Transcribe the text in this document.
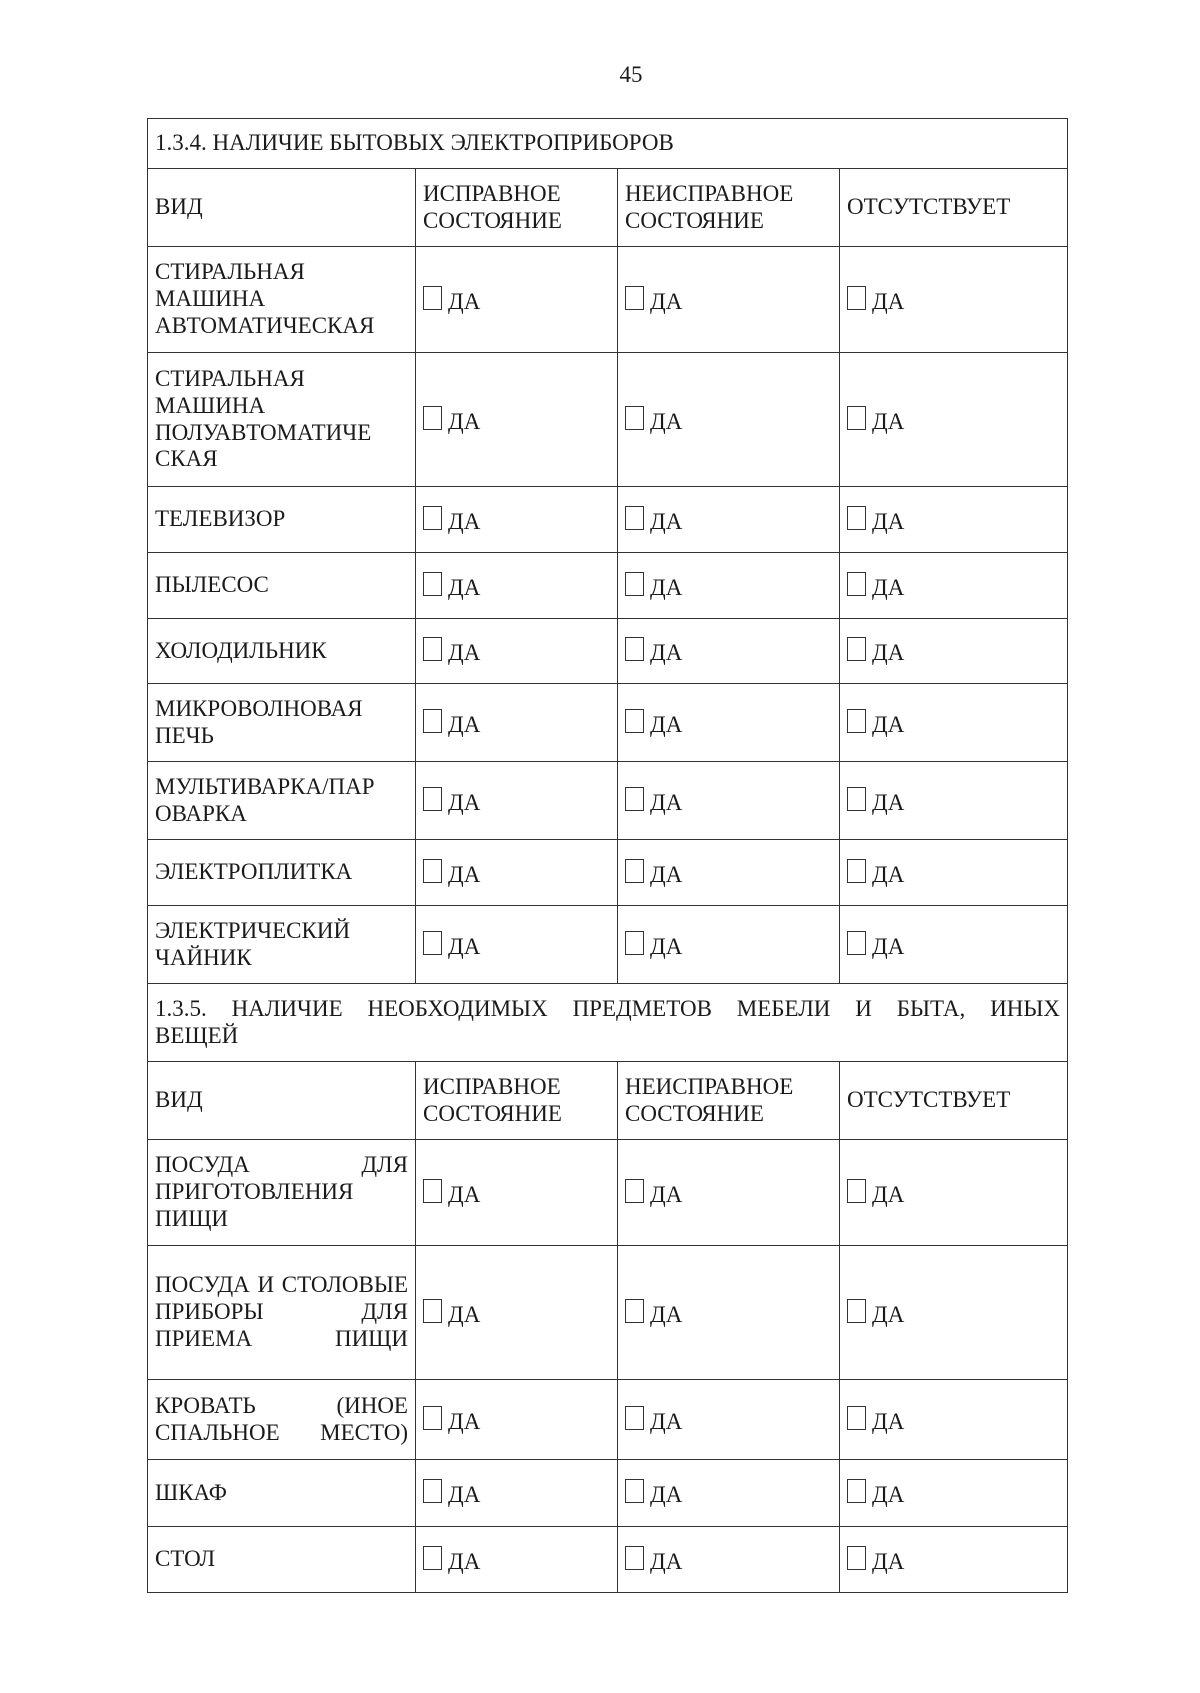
45
1.3.4. НАЛИЧИЕ БЫТОВЫХ ЭЛЕКТРОПРИБОРОВ			
ВИД	ИСПРАВНОЕ СОСТОЯНИЕ	НЕИСПРАВНОЕ СОСТОЯНИЕ	ОТСУТСТВУЕТ
СТИРАЛЬНАЯ МАШИНА АВТОМАТИЧЕСКАЯ	ДА	ДА	ДА

СТИРАЛЬНАЯ МАШИНА ПОЛУАВТОМАТИЧЕ СКАЯ	ДА	ДА	ДА

ТЕЛЕВИЗОР	ДА	ДА	ДА

ПЫЛЕСОС	ДА	ДА	ДА

ХОЛОДИЛЬНИК	ДА	ДА	ДА

МИКРОВОЛНОВАЯ ПЕЧЬ	ДА	ДА	ДА

МУЛЬТИВАРКА/ПАР ОВАРКА	ДА	ДА	ДА

ЭЛЕКТРОПЛИТКА	ДА	ДА	ДА

ЭЛЕКТРИЧЕСКИЙ ЧАЙНИК	ДА	ДА	ДА

1.3.5. НАЛИЧИЕ НЕОБХОДИМЫХ ПРЕДМЕТОВ МЕБЕЛИ И БЫТА, ИНЫХ
ВЕЩЕЙ			

ВИД	ИСПРАВНОЕ СОСТОЯНИЕ	НЕИСПРАВНОЕ СОСТОЯНИЕ	ОТСУТСТВУЕТ
ПОСУДА ДЛЯ ПРИГОТОВЛЕНИЯ ПИЩИ	ДА	ДА	ДА

ПОСУДА И СТОЛОВЫЕ ПРИБОРЫ ДЛЯ ПРИЕМА ПИЩИ	ДА	ДА	ДА

КРОВАТЬ (ИНОЕ СПАЛЬНОЕ МЕСТО)	ДА	ДА	ДА

ШКАФ	ДА	ДА	ДА

СТОЛ	ДА	ДА	ДА
